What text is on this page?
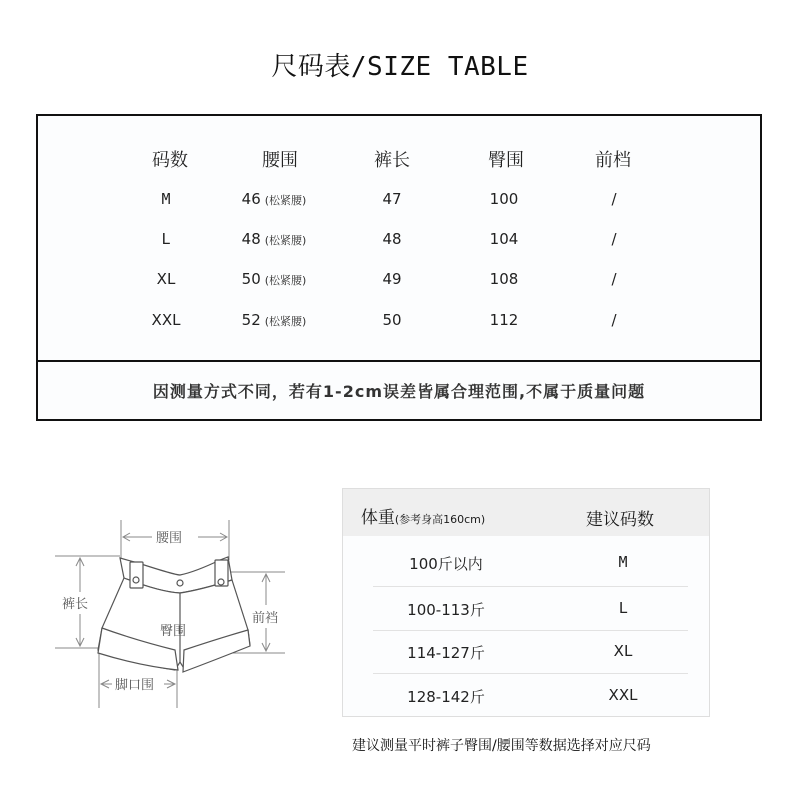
尺码表/SIZE TABLE
码数	腰围	裤长	臀围	前档
M	46 (松紧腰)	47	100	/
L	48 (松紧腰)	48	104	/
XL	50 (松紧腰)	49	108	/
XXL	52 (松紧腰)	50	112	/
因测量方式不同，若有1-2cm误差皆属合理范围,不属于质量问题
腰围
裤长
前裆
臀围
脚口围
体重(参考身高160cm)	建议码数
100斤以内	M
100-113斤	L
114-127斤	XL
128-142斤	XXL
建议测量平时裤子臀围/腰围等数据选择对应尺码
